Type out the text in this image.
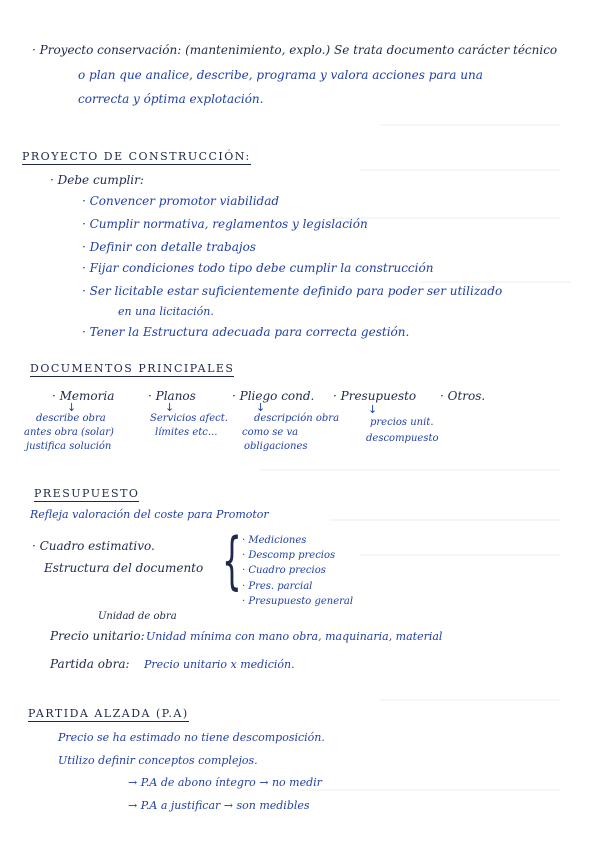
· Proyecto conservación: (mantenimiento, explo.) Se trata documento carácter técnico
o plan que analice, describe, programa y valora acciones para una
correcta y óptima explotación.
PROYECTO DE CONSTRUCCIÓN:
· Debe cumplir:
· Convencer promotor viabilidad
· Cumplir normativa, reglamentos y legislación
· Definir con detalle trabajos
· Fijar condiciones todo tipo debe cumplir la construcción
· Ser licitable estar suficientemente definido para poder ser utilizado
en una licitación.
· Tener la Estructura adecuada para correcta gestión.
DOCUMENTOS PRINCIPALES
· Memoria
↓
describe obra
antes obra (solar)
justifica solución
· Planos
↓
Servicios afect.
límites etc...
· Pliego cond.
↓
descripción obra
como se va
obligaciones
· Presupuesto
↓
precios unit.
descompuesto
· Otros.
PRESUPUESTO
Refleja valoración del coste para Promotor
· Cuadro estimativo.
Estructura del documento { · Mediciones
· Descomp precios
· Cuadro precios
· Pres. parcial
· Presupuesto general
Unidad de obra
Precio unitario: Unidad mínima con mano obra, maquinaria, material
Partida obra: Precio unitario x medición.
PARTIDA ALZADA (P.A)
Precio se ha estimado no tiene descomposición.
Utilizo definir conceptos complejos.
→ P.A de abono íntegro → no medir
→ P.A a justificar → son medibles
